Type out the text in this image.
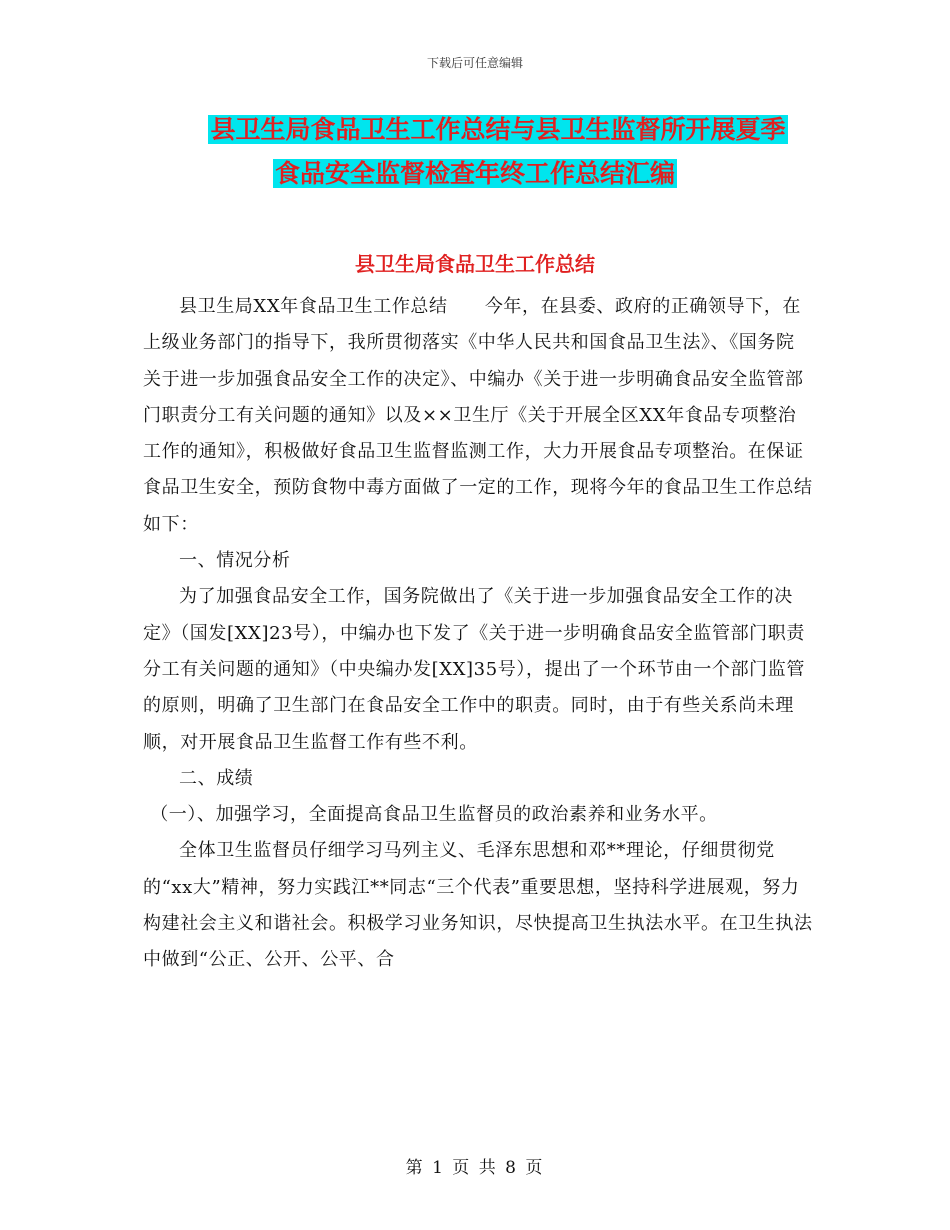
下载后可任意编辑
县卫生局食品卫生工作总结与县卫生监督所开展夏季
食品安全监督检查年终工作总结汇编
县卫生局食品卫生工作总结

县卫生局XX年食品卫生工作总结　　今年，在县委、政府的正确领导下，在上级业务部门的指导下，我所贯彻落实《中华人民共和国食品卫生法》、《国务院关于进一步加强食品安全工作的决定》、中编办《关于进一步明确食品安全监管部门职责分工有关问题的通知》以及××卫生厅《关于开展全区XX年食品专项整治工作的通知》，积极做好食品卫生监督监测工作，大力开展食品专项整治。在保证食品卫生安全，预防食物中毒方面做了一定的工作，现将今年的食品卫生工作总结如下：

一、情况分析

为了加强食品安全工作，国务院做出了《关于进一步加强食品安全工作的决定》（国发[XX]23号），中编办也下发了《关于进一步明确食品安全监管部门职责分工有关问题的通知》（中央编办发[XX]35号），提出了一个环节由一个部门监管的原则，明确了卫生部门在食品安全工作中的职责。同时，由于有些关系尚未理顺，对开展食品卫生监督工作有些不利。

二、成绩

（一）、加强学习，全面提高食品卫生监督员的政治素养和业务水平。

全体卫生监督员仔细学习马列主义、毛泽东思想和邓**理论，仔细贯彻党的“xx大”精神，努力实践江**同志“三个代表”重要思想，坚持科学进展观，努力构建社会主义和谐社会。积极学习业务知识，尽快提高卫生执法水平。在卫生执法中做到“公正、公开、公平、合

第 1 页 共 8 页
